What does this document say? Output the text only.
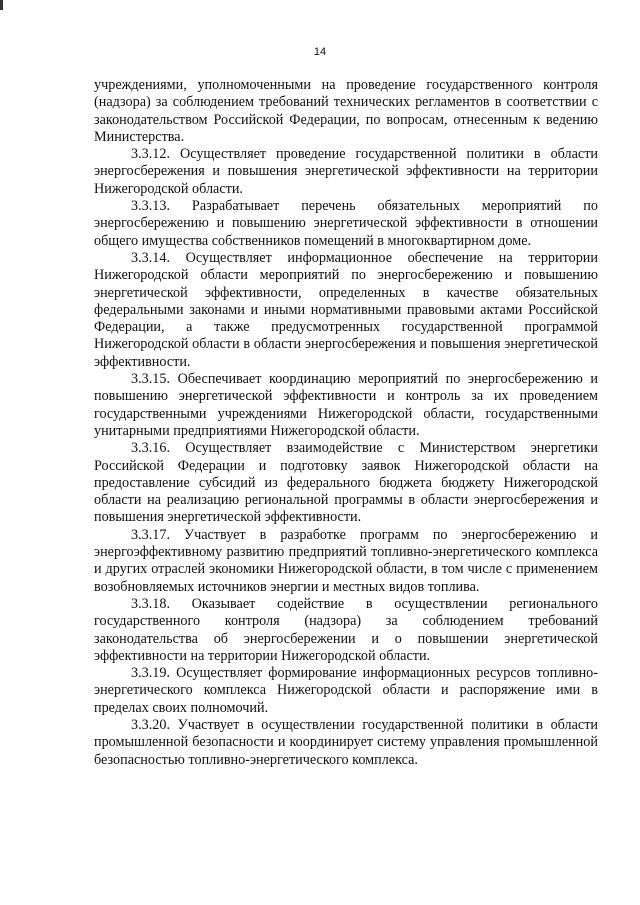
14

учреждениями, уполномоченными на проведение государственного контроля (надзора) за соблюдением требований технических регламентов в соответствии с законодательством Российской Федерации, по вопросам, отнесенным к ведению Министерства.

3.3.12. Осуществляет проведение государственной политики в области энергосбережения и повышения энергетической эффективности на территории Нижегородской области.

3.3.13. Разрабатывает перечень обязательных мероприятий по энергосбережению и повышению энергетической эффективности в отношении общего имущества собственников помещений в многоквартирном доме.

3.3.14. Осуществляет информационное обеспечение на территории Нижегородской области мероприятий по энергосбережению и повышению энергетической эффективности, определенных в качестве обязательных федеральными законами и иными нормативными правовыми актами Российской Федерации, а также предусмотренных государственной программой Нижегородской области в области энергосбережения и повышения энергетической эффективности.

3.3.15. Обеспечивает координацию мероприятий по энергосбережению и повышению энергетической эффективности и контроль за их проведением государственными учреждениями Нижегородской области, государственными унитарными предприятиями Нижегородской области.

3.3.16. Осуществляет взаимодействие с Министерством энергетики Российской Федерации и подготовку заявок Нижегородской области на предоставление субсидий из федерального бюджета бюджету Нижегородской области на реализацию региональной программы в области энергосбережения и повышения энергетической эффективности.

3.3.17. Участвует в разработке программ по энергосбережению и энергоэффективному развитию предприятий топливно-энергетического комплекса и других отраслей экономики Нижегородской области, в том числе с применением возобновляемых источников энергии и местных видов топлива.

3.3.18. Оказывает содействие в осуществлении регионального государственного контроля (надзора) за соблюдением требований законодательства об энергосбережении и о повышении энергетической эффективности на территории Нижегородской области.

3.3.19. Осуществляет формирование информационных ресурсов топливно-энергетического комплекса Нижегородской области и распоряжение ими в пределах своих полномочий.

3.3.20. Участвует в осуществлении государственной политики в области промышленной безопасности и координирует систему управления промышленной безопасностью топливно-энергетического комплекса.
